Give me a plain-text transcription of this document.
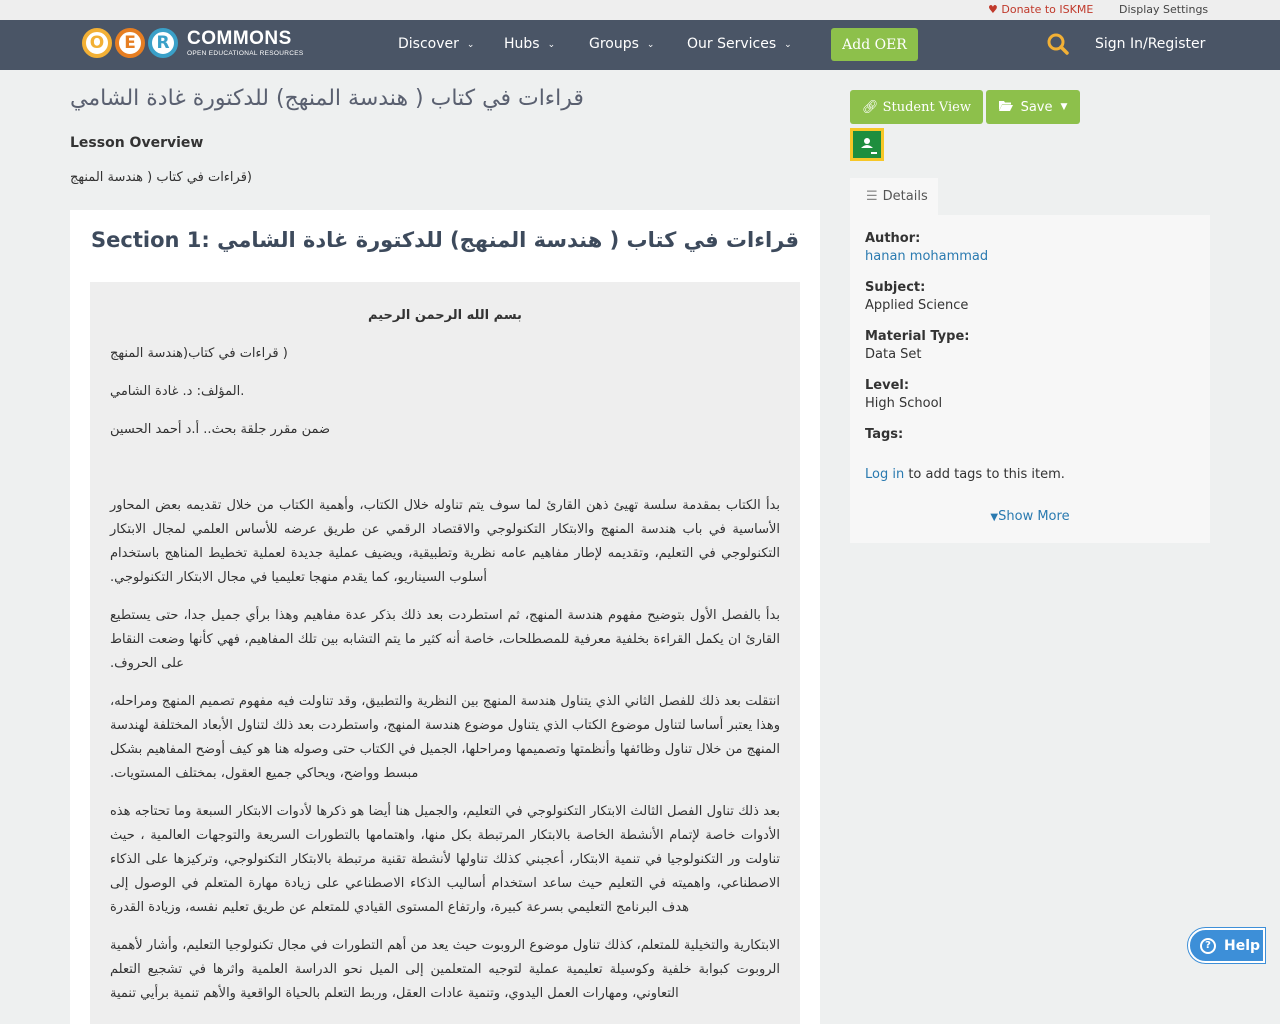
♥ Donate to ISKME Display Settings
O	E	R COMMONS
OPEN EDUCATIONAL RESOURCES
Discover ⌄ Hubs ⌄ Groups ⌄ Our Services ⌄	Add OER	Sign In/Register
قراءات في كتاب ( هندسة المنهج) للدكتورة غادة الشامي
Lesson Overview
(قراءات في كتاب ( هندسة المنهج
Section 1: قراءات في كتاب ( هندسة المنهج) للدكتورة غادة الشامي

بسم الله الرحمن الرحيم

( قراءات في كتاب(هندسة المنهج

.المؤلف: د. غادة الشامي

ضمن مقرر جلقة بحث.. أ.د أحمد الحسين

بدأ الكتاب بمقدمة سلسة تهيئ ذهن القارئ لما سوف يتم تناوله خلال الكتاب، وأهمية الكتاب من خلال تقديمه بعض المحاور الأساسية في باب هندسة المنهج والابتكار التكنولوجي والاقتصاد الرقمي عن طريق عرضه للأساس العلمي لمجال الابتكار التكنولوجي في التعليم، وتقديمه لإطار مفاهيم عامه نظرية وتطبيقية، ويضيف عملية جديدة لعملية تخطيط المناهج باستخدام أسلوب السيناريو، كما يقدم منهجا تعليميا في مجال الابتكار التكنولوجي.

بدأ بالفصل الأول بتوضيح مفهوم هندسة المنهج، ثم استطردت بعد ذلك بذكر عدة مفاهيم وهذا برأي جميل جدا، حتى يستطيع القارئ ان يكمل القراءة بخلفية معرفية للمصطلحات، خاصة أنه كثير ما يتم التشابه بين تلك المفاهيم، فهي كأنها وضعت النقاط على الحروف.

انتقلت بعد ذلك للفصل الثاني الذي يتناول هندسة المنهج بين النظرية والتطبيق، وقد تناولت فيه مفهوم تصميم المنهج ومراحله، وهذا يعتبر أساسا لتناول موضوع الكتاب الذي يتناول موضوع هندسة المنهج، واستطردت بعد ذلك لتناول الأبعاد المختلفة لهندسة المنهج من خلال تناول وظائفها وأنظمتها وتصميمها ومراحلها، الجميل في الكتاب حتى وصوله هنا هو كيف أوضح المفاهيم بشكل مبسط وواضح، ويحاكي جميع العقول، بمختلف المستويات.

بعد ذلك تناول الفصل الثالث الابتكار التكنولوجي في التعليم، والجميل هنا أيضا هو ذكرها لأدوات الابتكار السبعة وما تحتاجه هذه الأدوات خاصة لإتمام الأنشطة الخاصة بالابتكار المرتبطة بكل منها، واهتمامها بالتطورات السريعة والتوجهات العالمية ، حيث تناولت ور التكنولوجيا في تنمية الابتكار، أعجبني كذلك تناولها لأنشطة تقنية مرتبطة بالابتكار التكنولوجي، وتركيزها على الذكاء الاصطناعي، واهميته في التعليم حيث ساعد استخدام أساليب الذكاء الاصطناعي على زيادة مهارة المتعلم في الوصول إلى هدف البرنامج التعليمي بسرعة كبيرة، وارتفاع المستوى القيادي للمتعلم عن طريق تعليم نفسه، وزيادة القدرة

الابتكارية والتخيلية للمتعلم، كذلك تناول موضوع الروبوت حيث يعد من أهم التطورات في مجال تكنولوجيا التعليم، وأشار لأهمية الروبوت كبوابة خلفية وكوسيلة تعليمية عملية لتوجيه المتعلمين إلى الميل نحو الدراسة العلمية واثرها في تشجيع التعلم التعاوني، ومهارات العمل اليدوي، وتنمية عادات العقل، وربط التعلم بالحياة الواقعية والأهم تنمية برأيي تنمية

🔗︎ Student View	Save ▼
☰ Details
Author:
hanan mohammad
Subject:
Applied Science
Material Type:
Data Set
Level:
High School
Tags:
Log in to add tags to this item.
▼︎Show More
? Help
